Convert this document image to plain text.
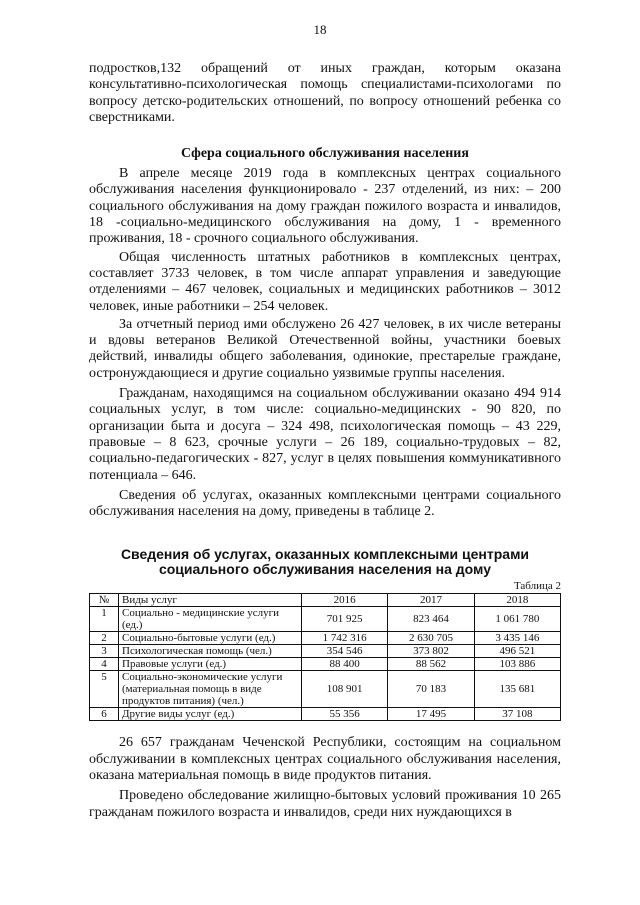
18

подростков,132 обращений от иных граждан, которым оказана консультативно-психологическая помощь специалистами-психологами по вопросу детско-родительских отношений, по вопросу отношений ребенка со сверстниками.

Сфера социального обслуживания населения

В апреле месяце 2019 года в комплексных центрах социального обслуживания населения функционировало - 237 отделений, из них: – 200 социального обслуживания на дому граждан пожилого возраста и инвалидов, 18 -социально-медицинского обслуживания на дому, 1 - временного проживания, 18 - срочного социального обслуживания.

Общая численность штатных работников в комплексных центрах, составляет 3733 человек, в том числе аппарат управления и заведующие отделениями – 467 человек, социальных и медицинских работников – 3012 человек, иные работники – 254 человек.

За отчетный период ими обслужено 26 427 человек, в их числе ветераны и вдовы ветеранов Великой Отечественной войны, участники боевых действий, инвалиды общего заболевания, одинокие, престарелые граждане, остронуждающиеся и другие социально уязвимые группы населения.

Гражданам, находящимся на социальном обслуживании оказано 494 914 социальных услуг, в том числе: социально-медицинских - 90 820, по организации быта и досуга – 324 498, психологическая помощь – 43 229, правовые – 8 623, срочные услуги – 26 189, социально-трудовых – 82, социально-педагогических - 827, услуг в целях повышения коммуникативного потенциала – 646.

Сведения об услугах, оказанных комплексными центрами социального обслуживания населения на дому, приведены в таблице 2.

Сведения об услугах, оказанных комплексными центрами социального обслуживания населения на дому
Таблица 2
№	Виды услуг	2016	2017	2018
1	Социально - медицинские услуги (ед.)	701 925	823 464	1 061 780
2	Социально-бытовые услуги (ед.)	1 742 316	2 630 705	3 435 146
3	Психологическая помощь (чел.)	354 546	373 802	496 521
4	Правовые услуги (ед.)	88 400	88 562	103 886
5	Социально-экономические услуги (материальная помощь в виде продуктов питания) (чел.)	108 901	70 183	135 681
6	Другие виды услуг (ед.)	55 356	17 495	37 108

26 657 гражданам Чеченской Республики, состоящим на социальном обслуживании в комплексных центрах социального обслуживания населения, оказана материальная помощь в виде продуктов питания.

Проведено обследование жилищно-бытовых условий проживания 10 265 гражданам пожилого возраста и инвалидов, среди них нуждающихся в
